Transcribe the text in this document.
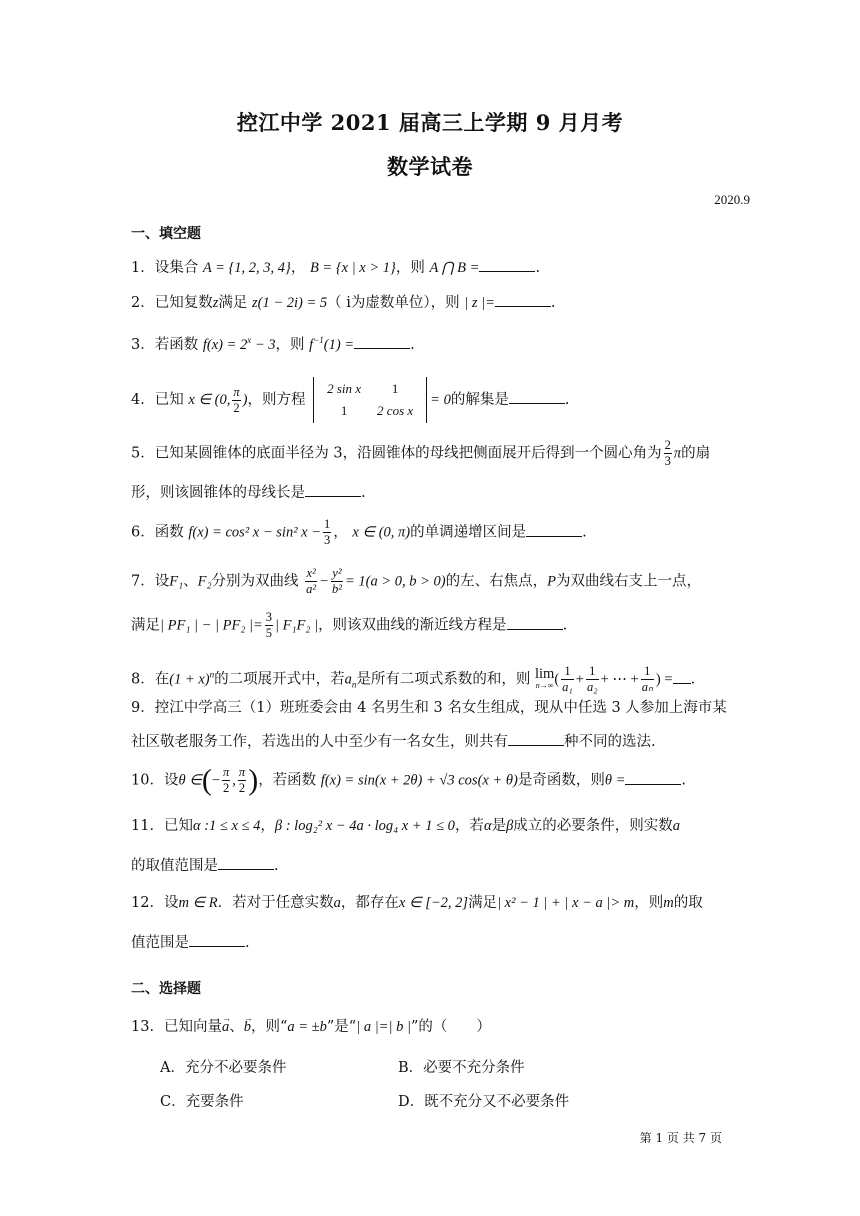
控江中学 2021 届高三上学期 9 月月考
数学试卷
2020.9
一、填空题
1．设集合 A = {1, 2, 3, 4}， B = {x | x > 1}，则 A ⋂ B =	.
2．已知复数z满足 z(1 − 2i) = 5（ i为虚数单位），则 | z |=	.
3．若函数 $f(x) = 2^x - 3$，则 $f^{-1}(1)$ =	.
4．已知 x ∈ (0, $\frac{\pi}{2}$ )，则方程
2 sin x	1
1	2 cos x
= 0的解集是	.
5．已知某圆锥体的底面半径为 3，沿圆锥体的母线把侧面展开后得到一个圆心角为 $\frac{2}{3}$ π的扇
形，则该圆锥体的母线长是	.
6．函数 f(x) = cos² x − sin² $x - \frac{1}{3}$ ， x ∈ (0, π)的单调递增区间是	.
7．设F₁、F₂分别为双曲线 $\frac{\text{x²}}{\text{a²}} - \frac{\text{y²}}{\text{b²}} = 1(a > 0$, b > 0)的左、右焦点，P为双曲线右支上一点，
满足| PF₁ | − | PF₂ |= $\frac{3}{5}$ | F₁F₂ |，则该双曲线的渐近线方程是	.
8．在$(1 + x)^n$的二项展开式中，若$a_n$是所有二项式系数的和，则 lim
n→∞ ( $\frac{1}{\text{a₁}} + \frac{1}{\text{a₂}}$ + ⋯ + $\frac{1}{\text{aₙ}}$ ) = .
9．控江中学高三（1）班班委会由 4 名男生和 3 名女生组成，现从中任选 3 人参加上海市某
社区敬老服务工作，若选出的人中至少有一名女生，则共有	种不同的选法.
10．设θ ∈(− $\frac{\pi}{2}$ , $\frac{\pi}{2}$ )，若函数 f(x) = sin(x + 2θ) + √3 cos(x + θ)是奇函数，则θ =	.
11．已知α :1 ≤ x ≤ 4，β : log₂² x − 4a · log₄ x + 1 ≤ 0，若α是β成立的必要条件，则实数a
的取值范围是	.
12．设m ∈ R．若对于任意实数a，都存在x ∈ [−2, 2]满足| x² − 1 | + | x − a |> m，则m的取
值范围是	.
二、选择题
13．已知向量→ a、→ b，则“a = ±b”是“| a |=| b |”的（　　）
A．充分不必要条件	B．必要不充分条件
C．充要条件	D．既不充分又不必要条件
第 1 页 共 7 页
